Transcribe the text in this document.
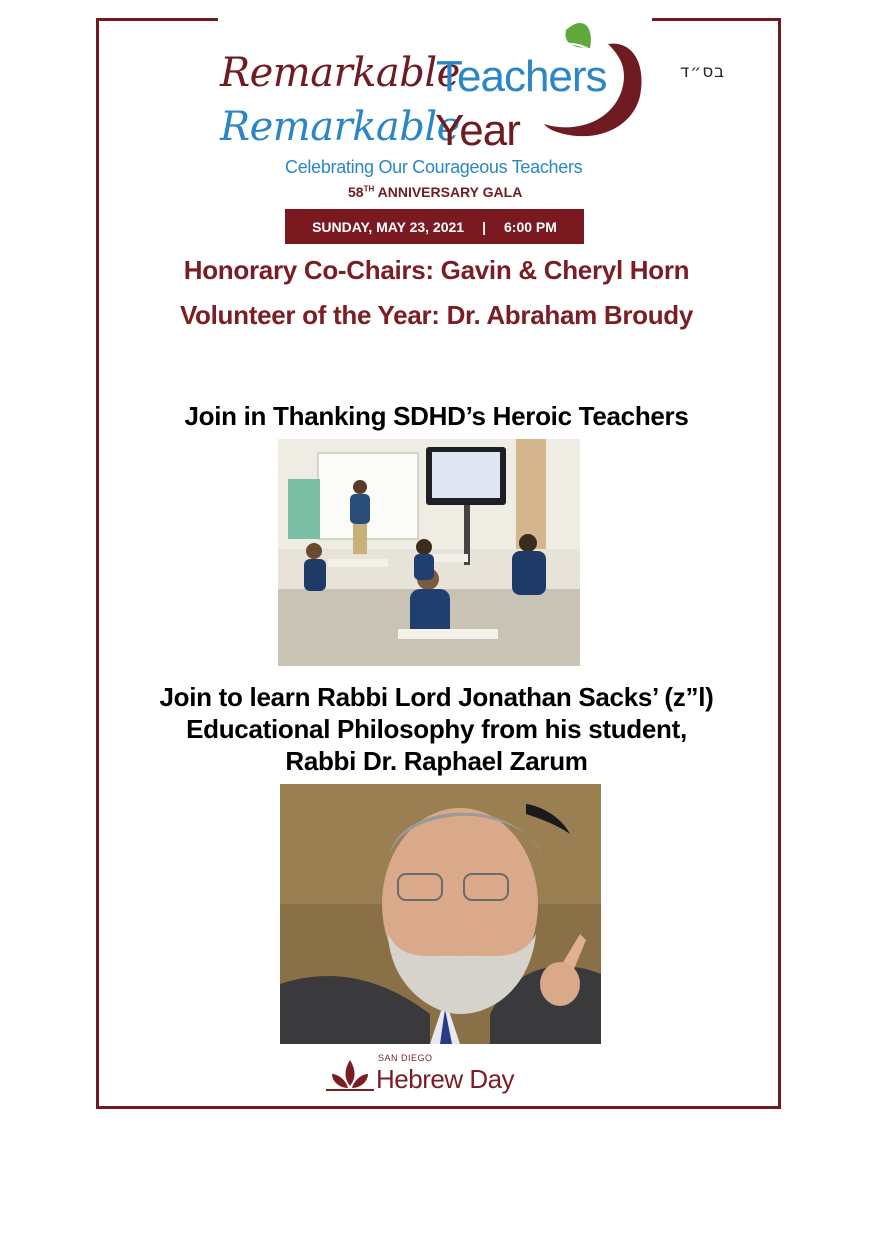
בס״ד
Remarkable
Teachers
Remarkable
Year
Celebrating Our Courageous Teachers
58TH ANNIVERSARY GALA
SUNDAY, MAY 23, 2021 | 6:00 PM
Honorary Co-Chairs: Gavin & Cheryl Horn
Volunteer of the Year: Dr. Abraham Broudy
Join in Thanking SDHD’s Heroic Teachers
Join to learn Rabbi Lord Jonathan Sacks’ (z”l)
Educational Philosophy from his student,
Rabbi Dr. Raphael Zarum
SAN DIEGO
Hebrew Day
